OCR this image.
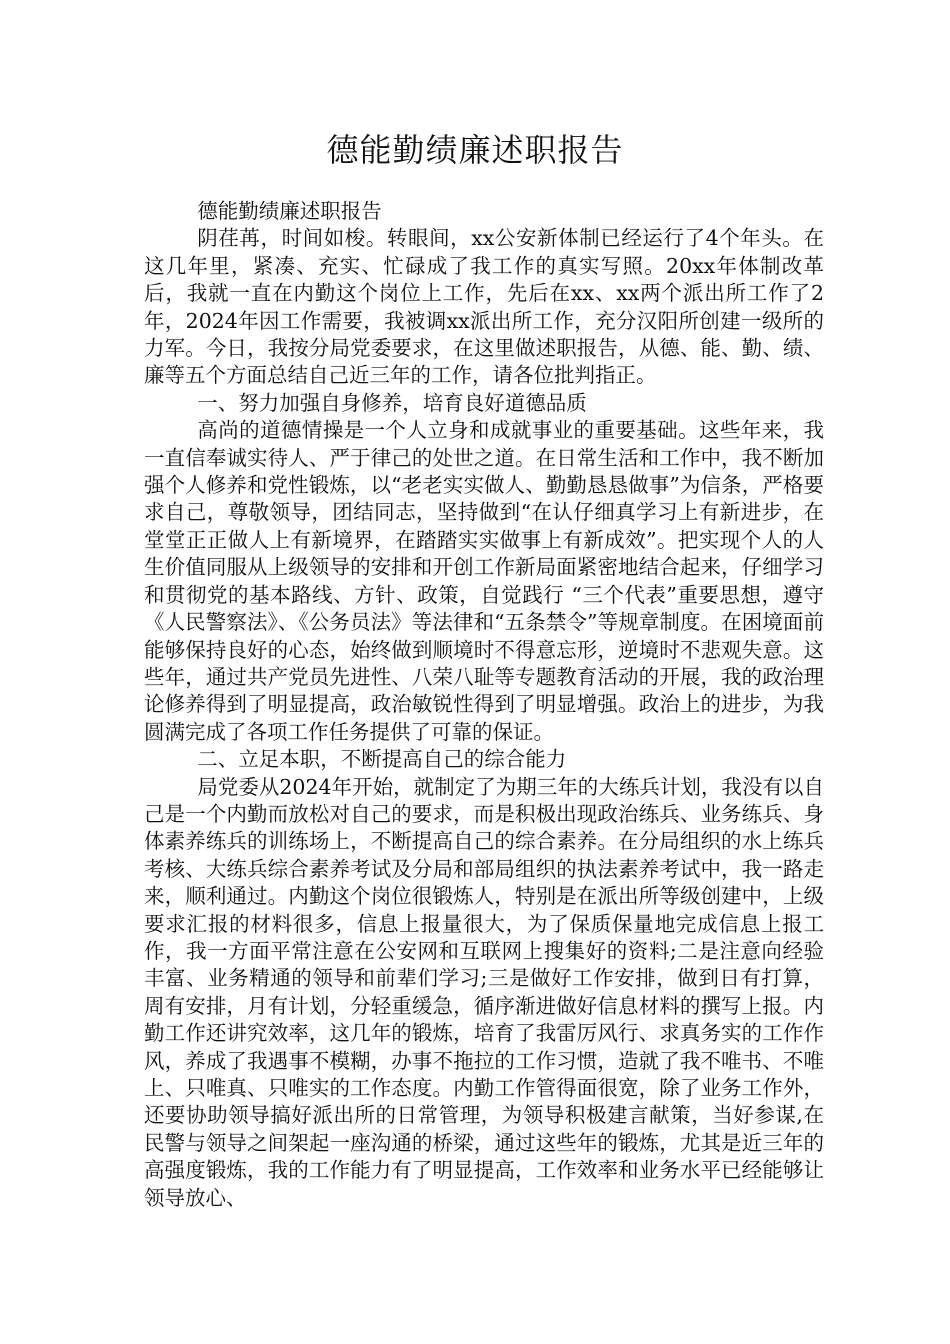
德能勤绩廉述职报告

德能勤绩廉述职报告

阴荏苒，时间如梭。转眼间，xx公安新体制已经运行了4个年头。在这几年里，紧凑、充实、忙碌成了我工作的真实写照。20xx年体制改革后，我就一直在内勤这个岗位上工作，先后在xx、xx两个派出所工作了2年，2024年因工作需要，我被调xx派出所工作，充分汉阳所创建一级所的力军。今日，我按分局党委要求，在这里做述职报告，从德、能、勤、绩、廉等五个方面总结自己近三年的工作，请各位批判指正。

一、努力加强自身修养，培育良好道德品质

高尚的道德情操是一个人立身和成就事业的重要基础。这些年来，我一直信奉诚实待人、严于律己的处世之道。在日常生活和工作中，我不断加强个人修养和党性锻炼，以“老老实实做人、勤勤恳恳做事”为信条，严格要求自己，尊敬领导，团结同志，坚持做到“在认仔细真学习上有新进步，在堂堂正正做人上有新境界，在踏踏实实做事上有新成效”。把实现个人的人生价值同服从上级领导的安排和开创工作新局面紧密地结合起来，仔细学习和贯彻党的基本路线、方针、政策，自觉践行 “三个代表”重要思想，遵守《人民警察法》、《公务员法》等法律和“五条禁令”等规章制度。在困境面前能够保持良好的心态，始终做到顺境时不得意忘形，逆境时不悲观失意。这些年，通过共产党员先进性、八荣八耻等专题教育活动的开展，我的政治理论修养得到了明显提高，政治敏锐性得到了明显增强。政治上的进步，为我圆满完成了各项工作任务提供了可靠的保证。

二、立足本职，不断提高自己的综合能力

局党委从2024年开始，就制定了为期三年的大练兵计划，我没有以自己是一个内勤而放松对自己的要求，而是积极出现政治练兵、业务练兵、身体素养练兵的训练场上，不断提高自己的综合素养。在分局组织的水上练兵考核、大练兵综合素养考试及分局和部局组织的执法素养考试中，我一路走来，顺利通过。内勤这个岗位很锻炼人，特别是在派出所等级创建中，上级要求汇报的材料很多，信息上报量很大，为了保质保量地完成信息上报工作，我一方面平常注意在公安网和互联网上搜集好的资料;二是注意向经验丰富、业务精通的领导和前辈们学习;三是做好工作安排，做到日有打算，周有安排，月有计划，分轻重缓急，循序渐进做好信息材料的撰写上报。内勤工作还讲究效率，这几年的锻炼，培育了我雷厉风行、求真务实的工作作风，养成了我遇事不模糊，办事不拖拉的工作习惯，造就了我不唯书、不唯上、只唯真、只唯实的工作态度。内勤工作管得面很宽，除了业务工作外，还要协助领导搞好派出所的日常管理，为领导积极建言献策，当好参谋,在民警与领导之间架起一座沟通的桥梁，通过这些年的锻炼，尤其是近三年的高强度锻炼，我的工作能力有了明显提高，工作效率和业务水平已经能够让领导放心、
